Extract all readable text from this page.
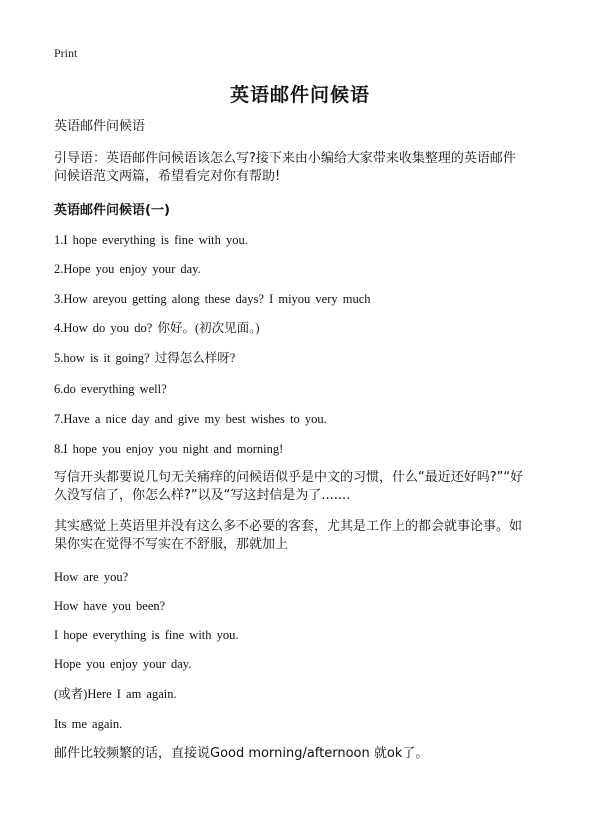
Print
英语邮件问候语
英语邮件问候语
引导语：英语邮件问候语该怎么写?接下来由小编给大家带来收集整理的英语邮件
问候语范文两篇，希望看完对你有帮助!
英语邮件问候语(一)
1.I hope everything is fine with you.
2.Hope you enjoy your day.
3.How areyou getting along these days? I miyou very much
4.How do you do? 你好。(初次见面。)
5.how is it going? 过得怎么样呀?
6.do everything well?
7.Have a nice day and give my best wishes to you.
8.I hope you enjoy you night and morning!
写信开头都要说几句无关痛痒的问候语似乎是中文的习惯，什么“最近还好吗?”“好
久没写信了，你怎么样?”以及“写这封信是为了.......
其实感觉上英语里并没有这么多不必要的客套，尤其是工作上的都会就事论事。如
果你实在觉得不写实在不舒服，那就加上
How are you?
How have you been?
I hope everything is fine with you.
Hope you enjoy your day.
(或者)Here I am again.
Its me again.
邮件比较频繁的话，直接说Good morning/afternoon 就ok了。
